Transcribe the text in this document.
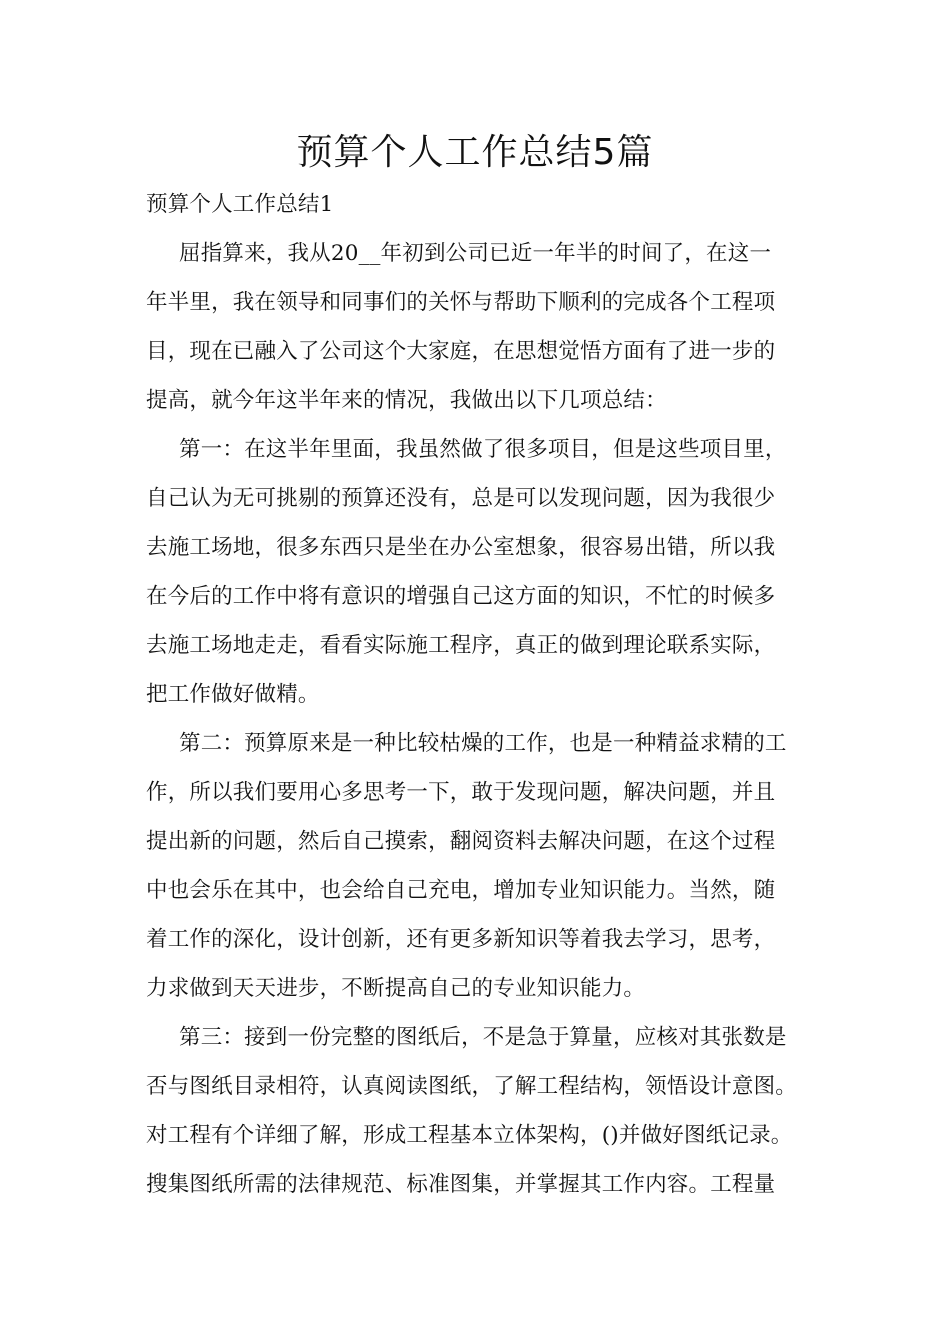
预算个人工作总结5篇
预算个人工作总结1
屈指算来，我从20__年初到公司已近一年半的时间了，在这一
年半里，我在领导和同事们的关怀与帮助下顺利的完成各个工程项
目，现在已融入了公司这个大家庭，在思想觉悟方面有了进一步的
提高，就今年这半年来的情况，我做出以下几项总结：
第一：在这半年里面，我虽然做了很多项目，但是这些项目里，
自己认为无可挑剔的预算还没有，总是可以发现问题，因为我很少
去施工场地，很多东西只是坐在办公室想象，很容易出错，所以我
在今后的工作中将有意识的增强自己这方面的知识，不忙的时候多
去施工场地走走，看看实际施工程序，真正的做到理论联系实际，
把工作做好做精。
第二：预算原来是一种比较枯燥的工作，也是一种精益求精的工
作，所以我们要用心多思考一下，敢于发现问题，解决问题，并且
提出新的问题，然后自己摸索，翻阅资料去解决问题，在这个过程
中也会乐在其中，也会给自己充电，增加专业知识能力。当然，随
着工作的深化，设计创新，还有更多新知识等着我去学习，思考，
力求做到天天进步，不断提高自己的专业知识能力。
第三：接到一份完整的图纸后，不是急于算量，应核对其张数是
否与图纸目录相符，认真阅读图纸，了解工程结构，领悟设计意图。
对工程有个详细了解，形成工程基本立体架构，()并做好图纸记录。
搜集图纸所需的法律规范、标准图集，并掌握其工作内容。工程量
